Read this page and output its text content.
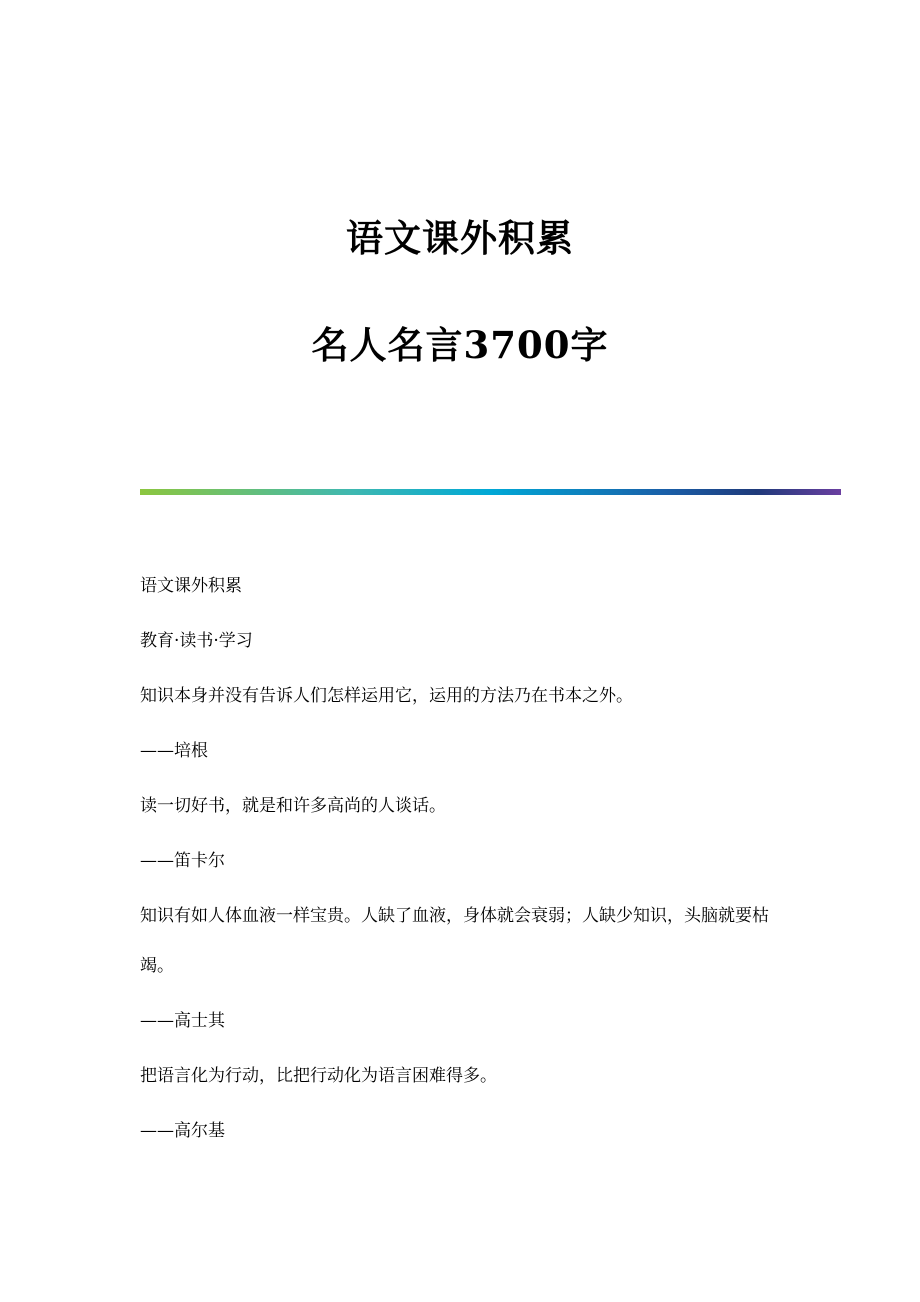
语文课外积累
名人名言3700字

语文课外积累

教育·读书·学习

知识本身并没有告诉人们怎样运用它，运用的方法乃在书本之外。

——培根

读一切好书，就是和许多高尚的人谈话。

——笛卡尔

知识有如人体血液一样宝贵。人缺了血液，身体就会衰弱；人缺少知识，头脑就要枯竭。

——高士其

把语言化为行动，比把行动化为语言困难得多。

——高尔基
